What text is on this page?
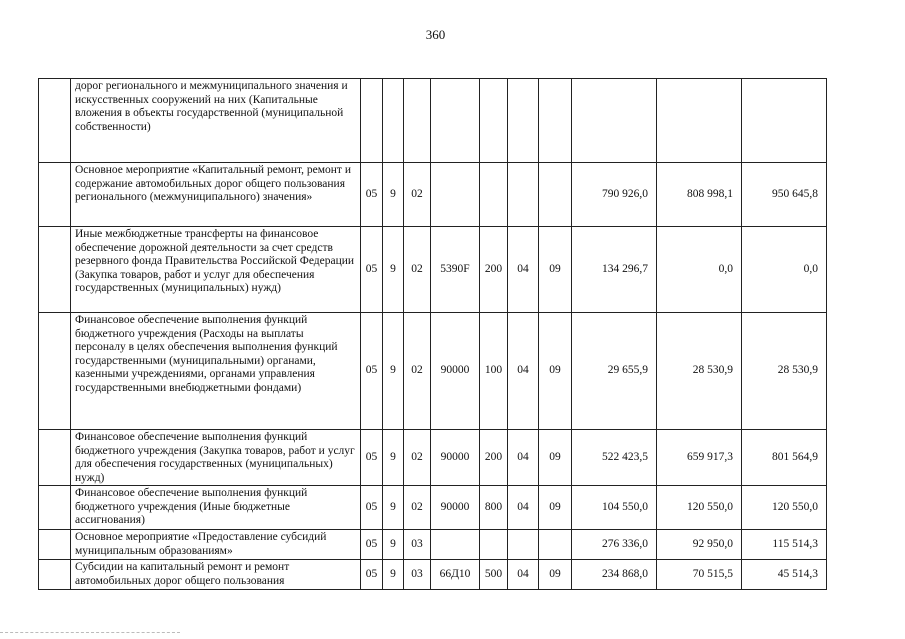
360
	дорог регионального и межмуниципального значения и искусственных сооружений на них (Капитальные вложения в объекты государственной (муниципальной собственности)										
	Основное мероприятие «Капитальный ремонт, ремонт и содержание автомобильных дорог общего пользования регионального (межмуниципального) значения»	05	9	02					790 926,0	808 998,1	950 645,8
	Иные межбюджетные трансферты на финансовое обеспечение дорожной деятельности за счет средств резервного фонда Правительства Российской Федерации (Закупка товаров, работ и услуг для обеспечения государственных (муниципальных) нужд)	05	9	02	5390F	200	04	09	134 296,7	0,0	0,0
	Финансовое обеспечение выполнения функций бюджетного учреждения (Расходы на выплаты персоналу в целях обеспечения выполнения функций государственными (муниципальными) органами, казенными учреждениями, органами управления государственными внебюджетными фондами)	05	9	02	90000	100	04	09	29 655,9	28 530,9	28 530,9
	Финансовое обеспечение выполнения функций бюджетного учреждения (Закупка товаров, работ и услуг для обеспечения государственных (муниципальных) нужд)	05	9	02	90000	200	04	09	522 423,5	659 917,3	801 564,9
	Финансовое обеспечение выполнения функций бюджетного учреждения (Иные бюджетные ассигнования)	05	9	02	90000	800	04	09	104 550,0	120 550,0	120 550,0
	Основное мероприятие «Предоставление субсидий муниципальным образованиям»	05	9	03					276 336,0	92 950,0	115 514,3
	Субсидии на капитальный ремонт и ремонт автомобильных дорог общего пользования	05	9	03	66Д10	500	04	09	234 868,0	70 515,5	45 514,3
